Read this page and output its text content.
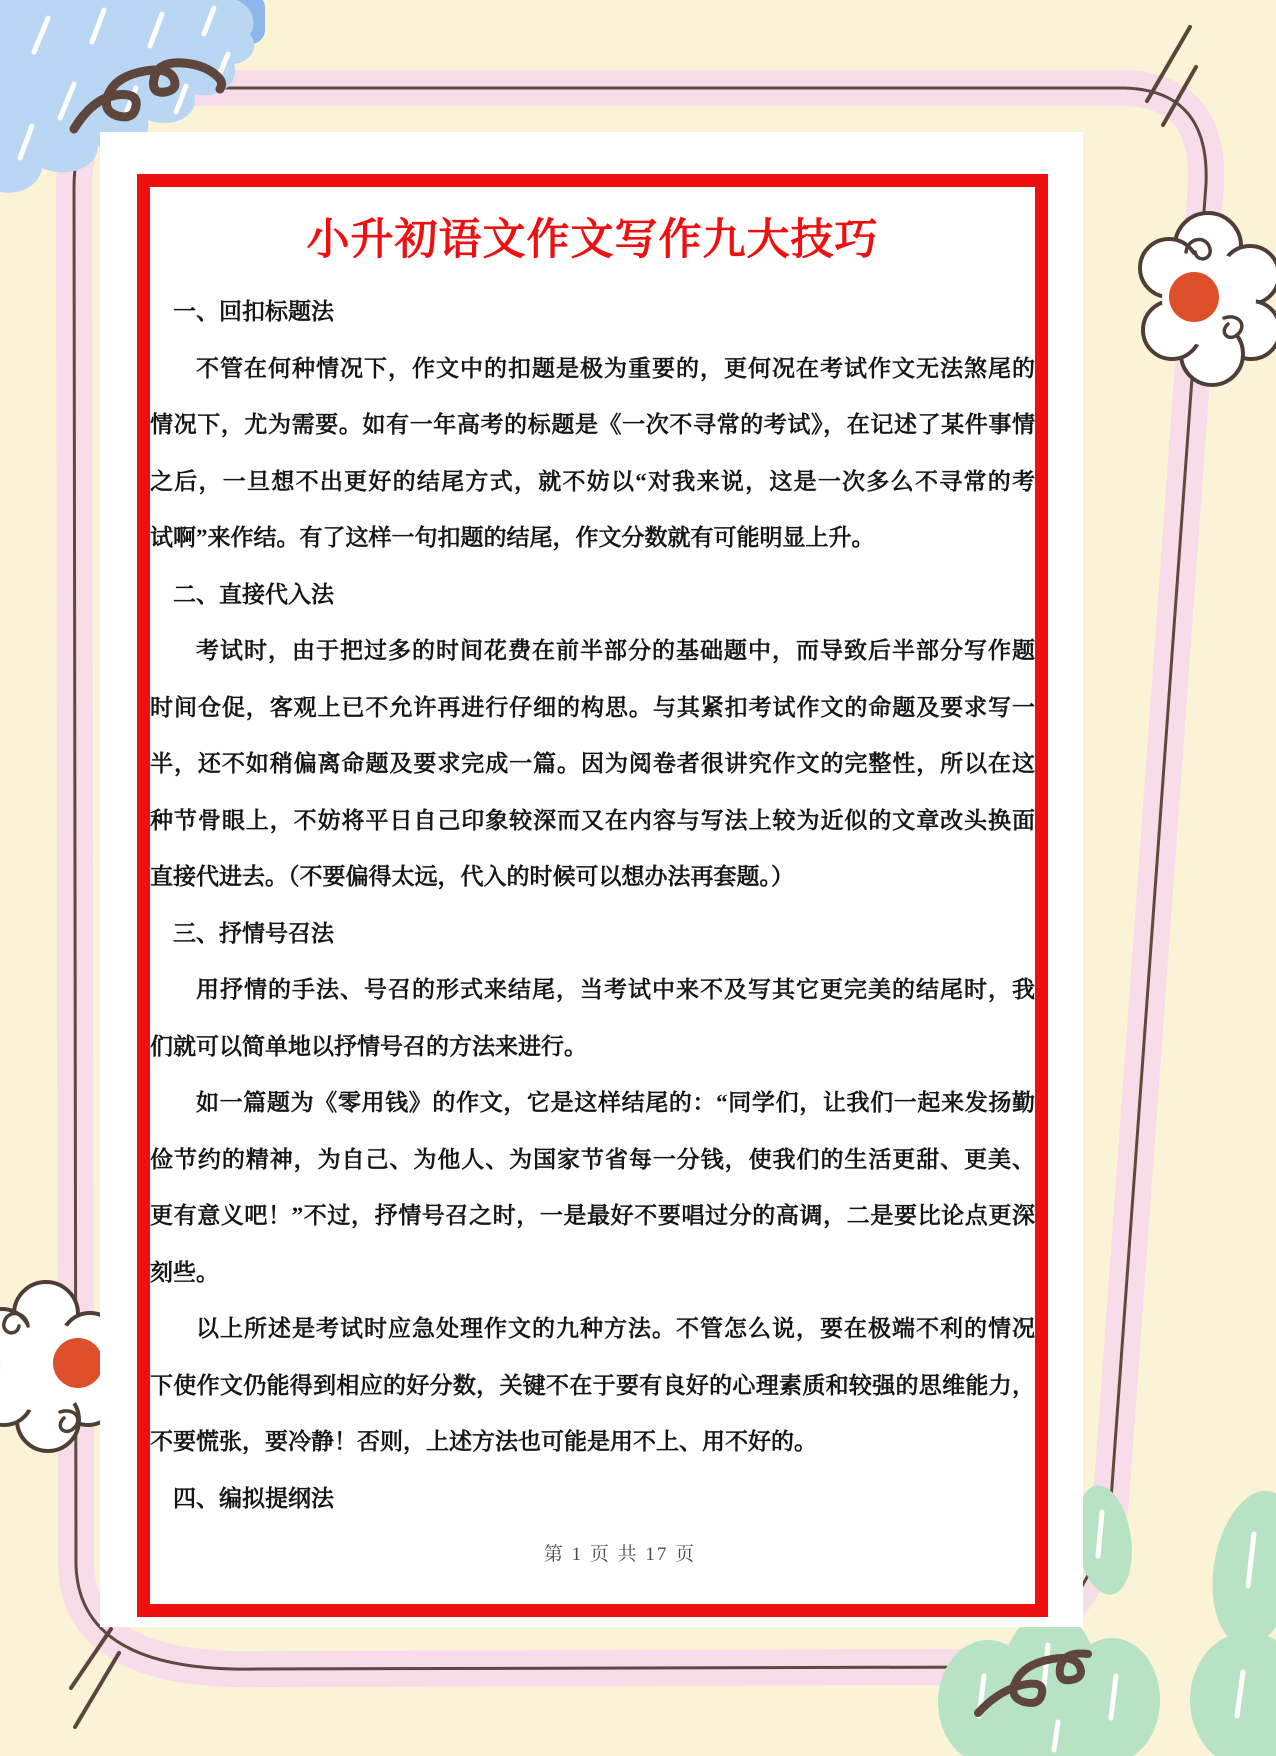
小升初语文作文写作九大技巧
一、回扣标题法
不管在何种情况下，作文中的扣题是极为重要的，更何况在考试作文无法煞尾的
情况下，尤为需要。如有一年高考的标题是《一次不寻常的考试》，在记述了某件事情
之后，一旦想不出更好的结尾方式，就不妨以“对我来说，这是一次多么不寻常的考
试啊”来作结。有了这样一句扣题的结尾，作文分数就有可能明显上升。
二、直接代入法
考试时，由于把过多的时间花费在前半部分的基础题中，而导致后半部分写作题
时间仓促，客观上已不允许再进行仔细的构思。与其紧扣考试作文的命题及要求写一
半，还不如稍偏离命题及要求完成一篇。因为阅卷者很讲究作文的完整性，所以在这
种节骨眼上，不妨将平日自己印象较深而又在内容与写法上较为近似的文章改头换面
直接代进去。（不要偏得太远，代入的时候可以想办法再套题。）
三、抒情号召法
用抒情的手法、号召的形式来结尾，当考试中来不及写其它更完美的结尾时，我
们就可以简单地以抒情号召的方法来进行。
如一篇题为《零用钱》的作文，它是这样结尾的：“同学们，让我们一起来发扬勤
俭节约的精神，为自己、为他人、为国家节省每一分钱，使我们的生活更甜、更美、
更有意义吧！”不过，抒情号召之时，一是最好不要唱过分的高调，二是要比论点更深
刻些。
以上所述是考试时应急处理作文的九种方法。不管怎么说，要在极端不利的情况
下使作文仍能得到相应的好分数，关键不在于要有良好的心理素质和较强的思维能力，
不要慌张，要冷静！否则，上述方法也可能是用不上、用不好的。
四、编拟提纲法
第 1 页 共 17 页
